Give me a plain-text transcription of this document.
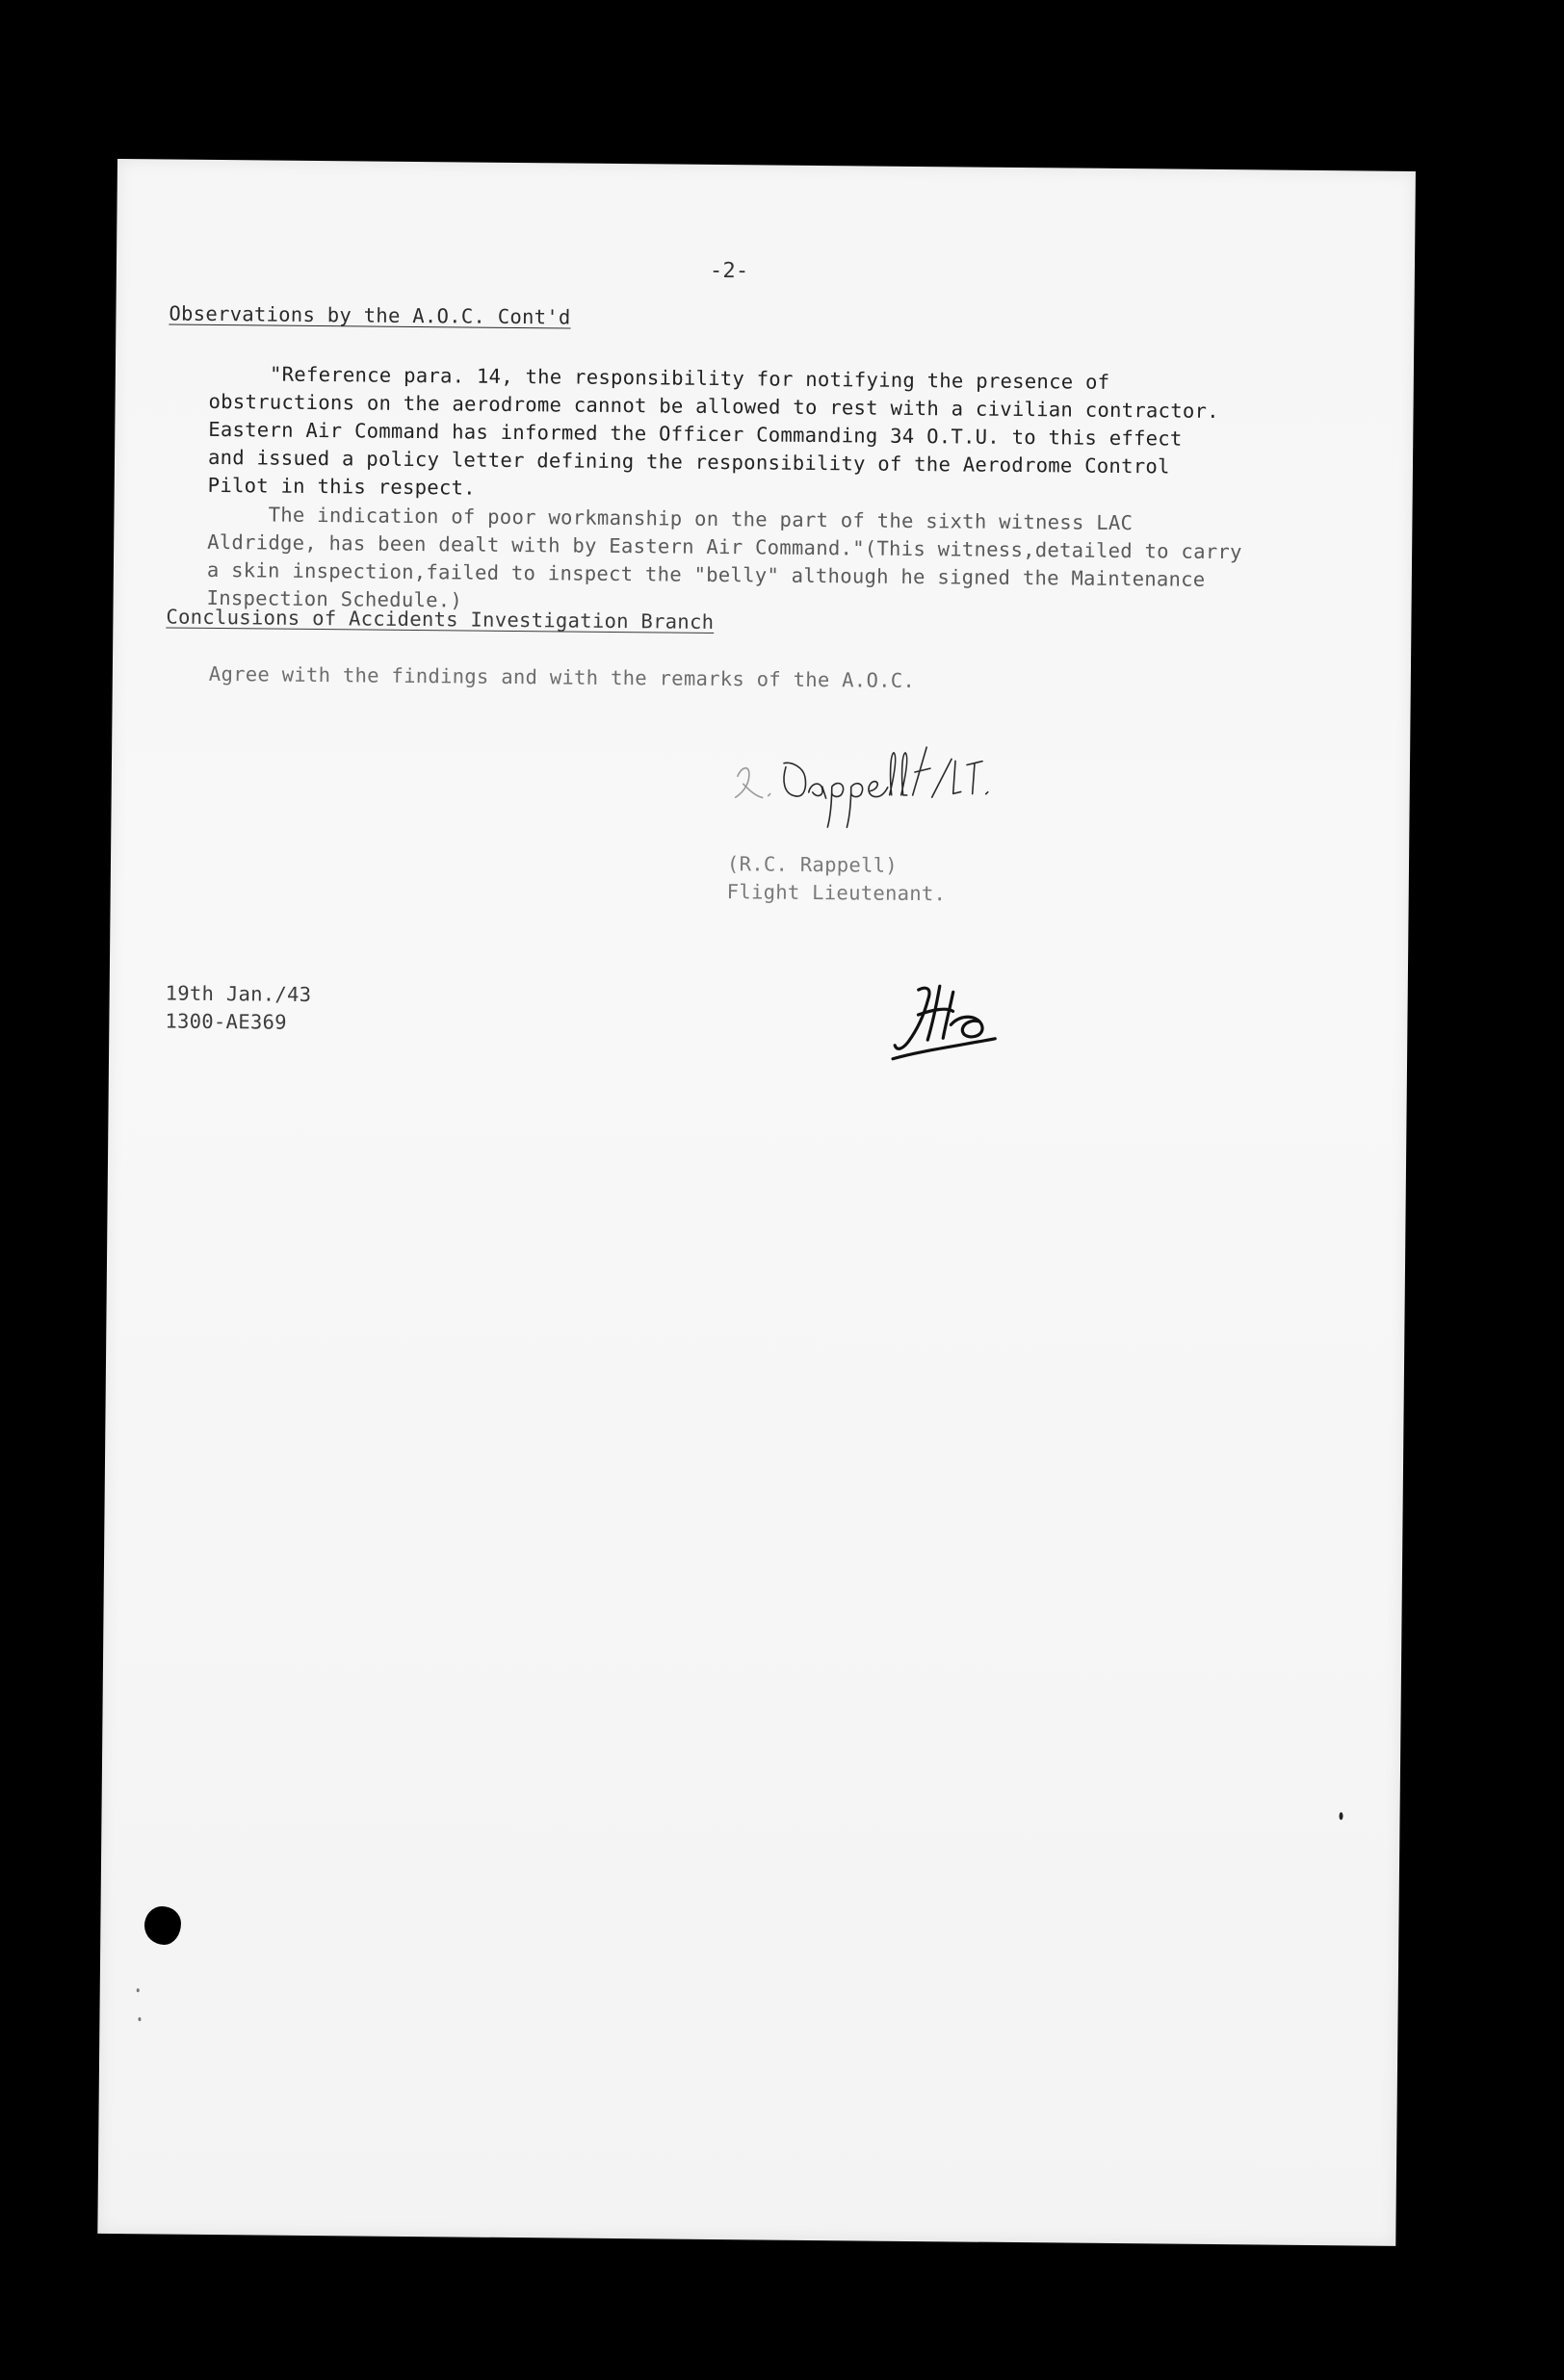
-2-
Observations by the A.O.C. Cont'd

"Reference para. 14, the responsibility for notifying the presence of
obstructions on the aerodrome cannot be allowed to rest with a civilian contractor.
Eastern Air Command has informed the Officer Commanding 34 O.T.U. to this effect
and issued a policy letter defining the responsibility of the Aerodrome Control
Pilot in this respect.

The indication of poor workmanship on the part of the sixth witness LAC
Aldridge, has been dealt with by Eastern Air Command."(This witness,detailed to carry
a skin inspection,failed to inspect the "belly" although he signed the Maintenance
Inspection Schedule.)

Conclusions of Accidents Investigation Branch

Agree with the findings and with the remarks of the A.O.C.

(R.C. Rappell)
Flight Lieutenant.
19th Jan./43
1300-AE369
